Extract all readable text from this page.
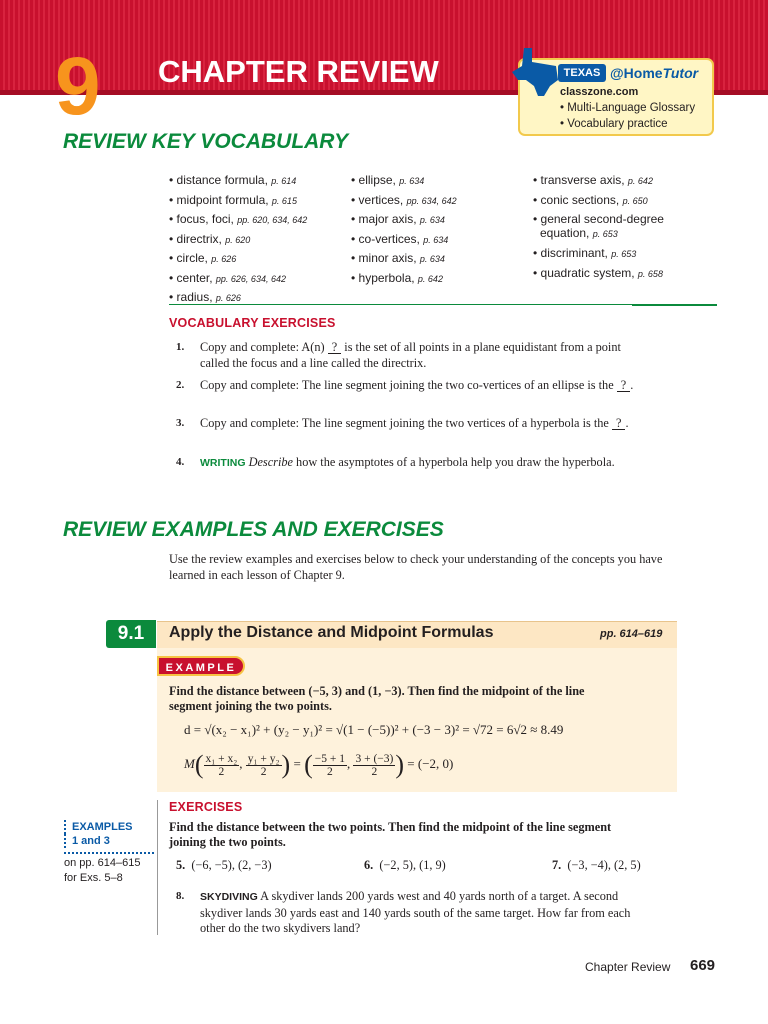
9 CHAPTER REVIEW	TEXAS @HomeTutor
classzone.com
• Multi-Language Glossary
• Vocabulary practice
REVIEW KEY VOCABULARY
• distance formula, p. 614
• midpoint formula, p. 615
• focus, foci, pp. 620, 634, 642
• directrix, p. 620
• circle, p. 626
• center, pp. 626, 634, 642
• radius, p. 626
• ellipse, p. 634
• vertices, pp. 634, 642
• major axis, p. 634
• co-vertices, p. 634
• minor axis, p. 634
• hyperbola, p. 642
• transverse axis, p. 642
• conic sections, p. 650
• general second-degree
equation, p. 653
• discriminant, p. 653
• quadratic system, p. 658
VOCABULARY EXERCISES
1. Copy and complete: A(n) ? is the set of all points in a plane equidistant from a point called the focus and a line called the directrix.
2. Copy and complete: The line segment joining the two co-vertices of an ellipse is the ? .
3. Copy and complete: The line segment joining the two vertices of a hyperbola is the ? .
4. WRITING Describe how the asymptotes of a hyperbola help you draw the hyperbola.
REVIEW EXAMPLES AND EXERCISES
Use the review examples and exercises below to check your understanding of the concepts you have learned in each lesson of Chapter 9.
9.1	Apply the Distance and Midpoint Formulas	pp. 614–619
EXAMPLE
Find the distance between (−5, 3) and (1, −3). Then find the midpoint of the line segment joining the two points.
d = √(x₂ − x₁)² + (y₂ − y₁)² = √(1 − (−5))² + (−3 − 3)² = √72 = 6√2 ≈ 8.49
$M( \frac{\text{x₁ + x₂}}{2}$ , $\frac{\text{y₁ + y₂}}{2}$ ) = ( $\frac{-5 + 1}{2}$ , $\frac{3 + (-3)}{2}$ ) = (−2, 0)
EXERCISES
Find the distance between the two points. Then find the midpoint of the line segment joining the two points.
EXAMPLES
1 and 3
on pp. 614–615
for Exs. 5–8
5. (−6, −5), (2, −3)	6. (−2, 5), (1, 9)	7. (−3, −4), (2, 5)
8. SKYDIVING A skydiver lands 200 yards west and 40 yards north of a target. A second skydiver lands 30 yards east and 140 yards south of the same target. How far from each other do the two skydivers land?
Chapter Review 669
